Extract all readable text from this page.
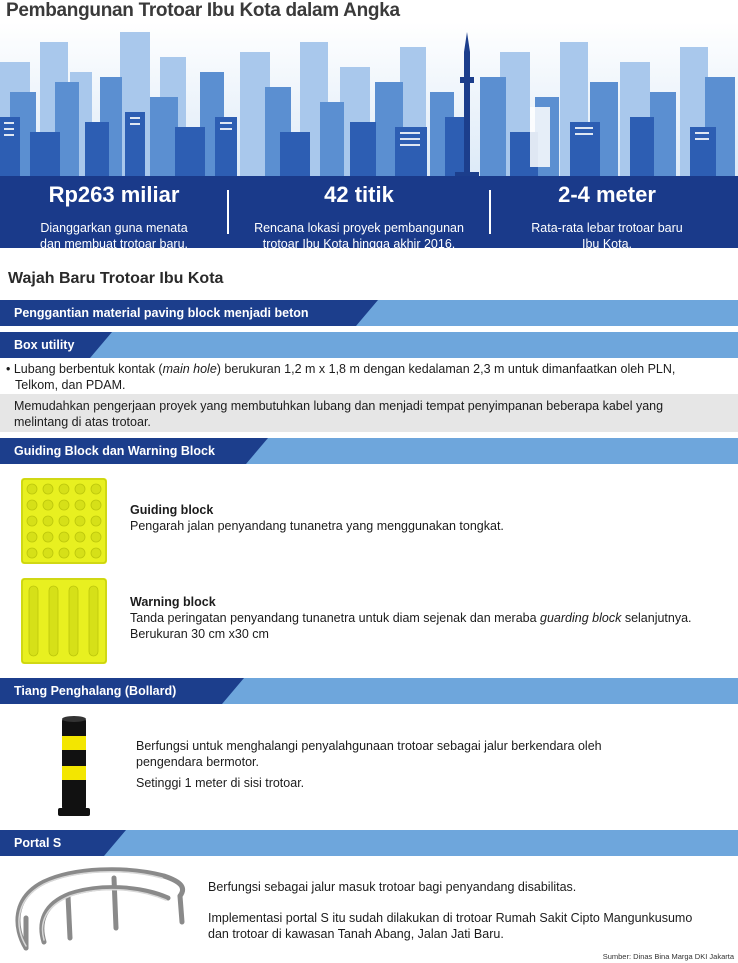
Pembangunan Trotoar Ibu Kota dalam Angka
Rp263 miliar
Dianggarkan guna menata
dan membuat trotoar baru.
42 titik
Rencana lokasi proyek pembangunan
trotoar Ibu Kota hingga akhir 2016.
2-4 meter
Rata-rata lebar trotoar baru
Ibu Kota.
Wajah Baru Trotoar Ibu Kota
Penggantian material paving block menjadi beton
Box utility
• Lubang berbentuk kontak (main hole) berukuran 1,2 m x 1,8 m dengan kedalaman 2,3 m untuk dimanfaatkan oleh PLN,
Telkom, dan PDAM.
Memudahkan pengerjaan proyek yang membutuhkan lubang dan menjadi tempat penyimpanan beberapa kabel yang
melintang di atas trotoar.
Guiding Block dan Warning Block
Guiding block
Pengarah jalan penyandang tunanetra yang menggunakan tongkat.
Warning block
Tanda peringatan penyandang tunanetra untuk diam sejenak dan meraba guarding block selanjutnya.
Berukuran 30 cm x30 cm
Tiang Penghalang (Bollard)
Berfungsi untuk menghalangi penyalahgunaan trotoar sebagai jalur berkendara oleh
pengendara bermotor.
Setinggi 1 meter di sisi trotoar.
Portal S
Berfungsi sebagai jalur masuk trotoar bagi penyandang disabilitas.
Implementasi portal S itu sudah dilakukan di trotoar Rumah Sakit Cipto Mangunkusumo
dan trotoar di kawasan Tanah Abang, Jalan Jati Baru.
Sumber: Dinas Bina Marga DKI Jakarta
